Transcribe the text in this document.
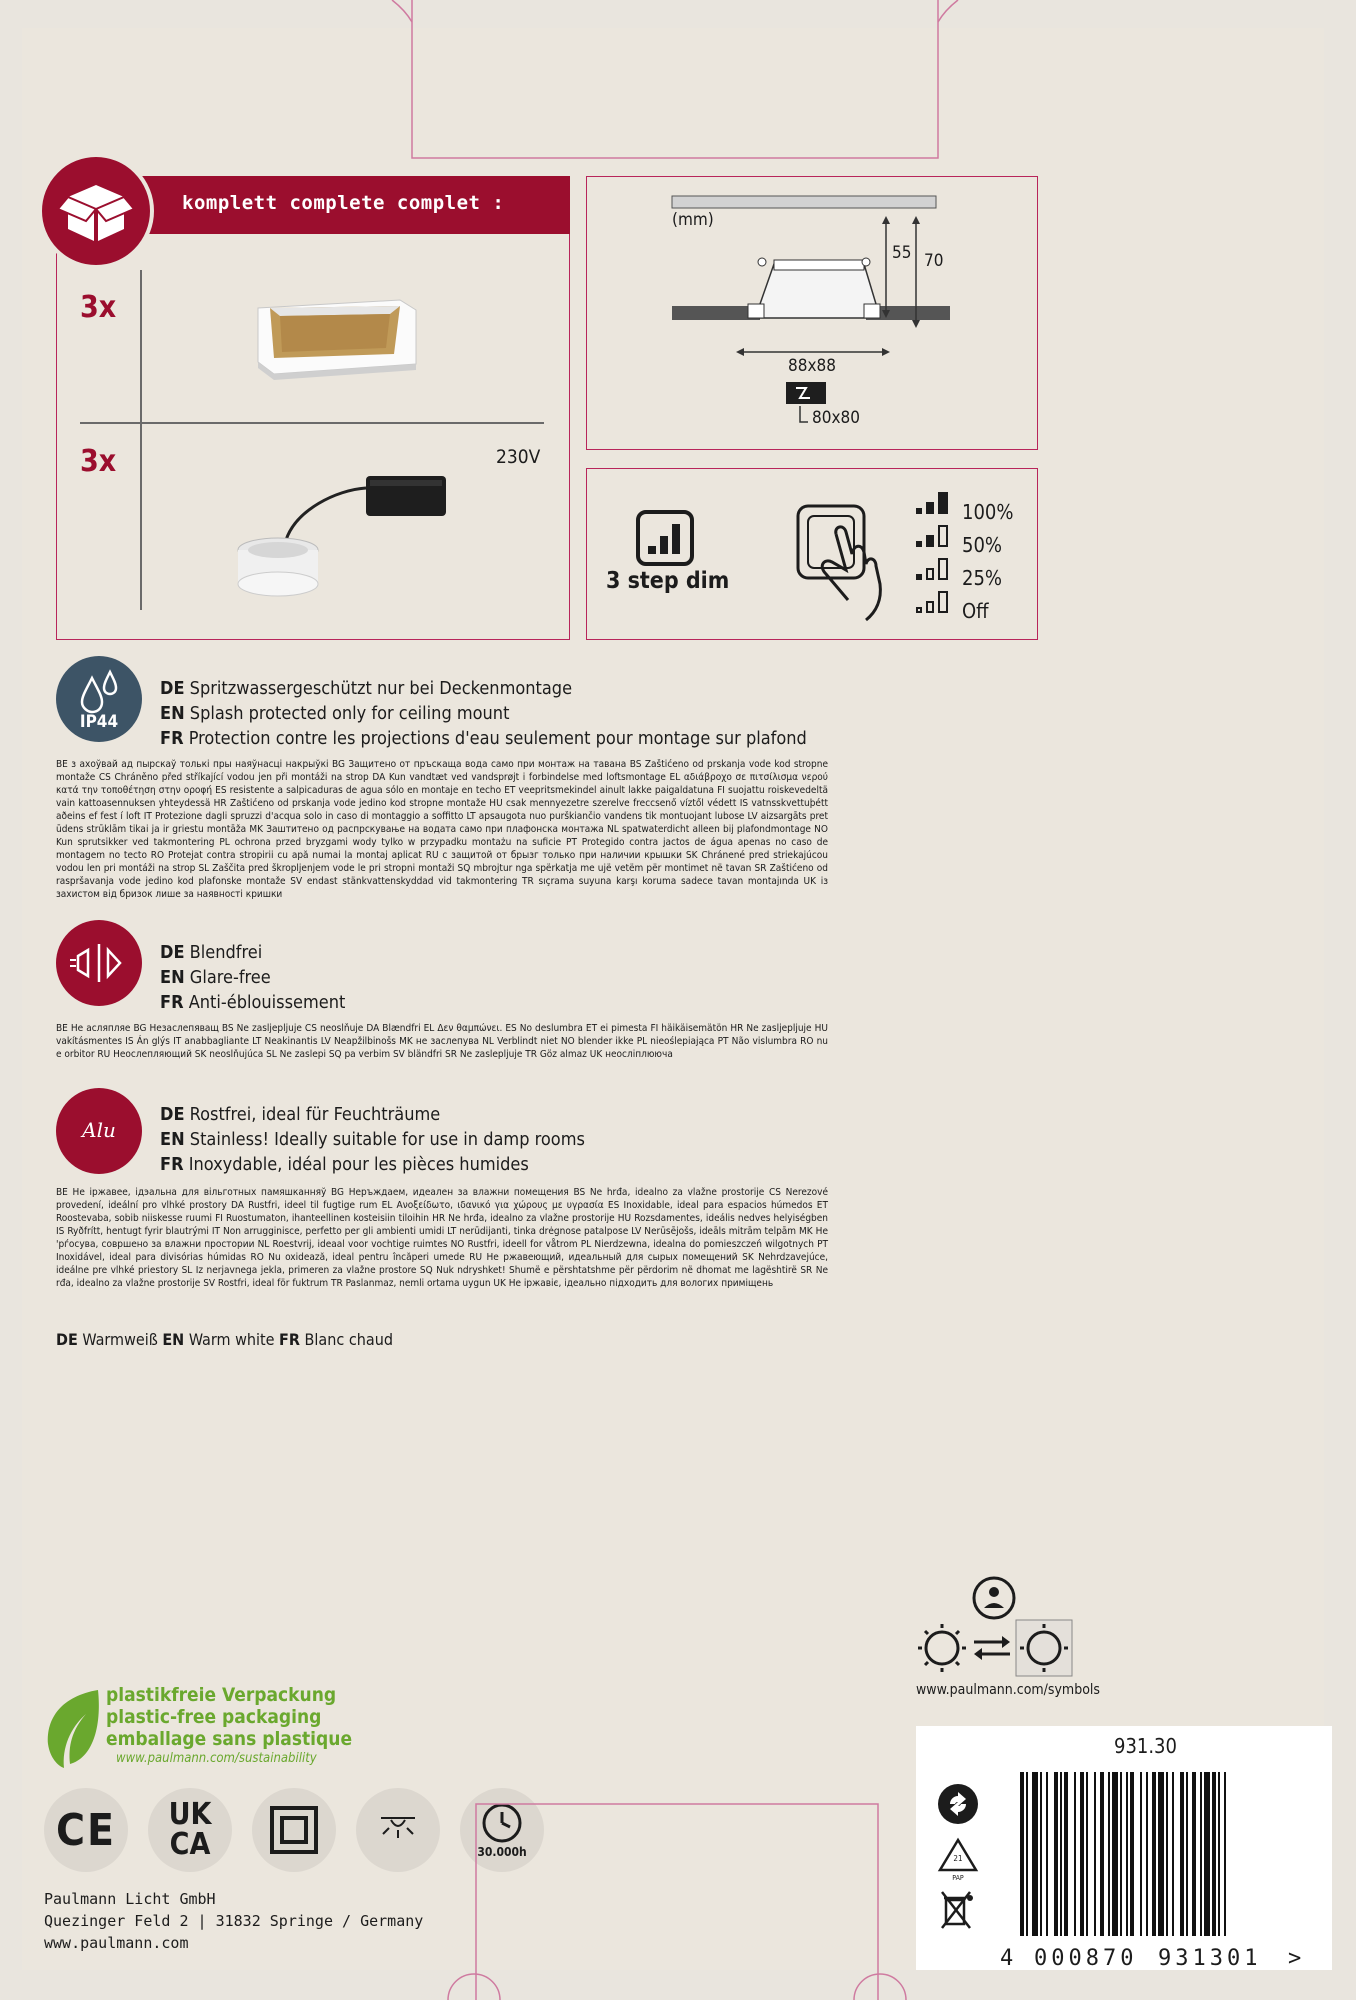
komplett complete complet :
3x
3x	230V
(mm)
55 70
88x88
80x80
3 step dim
100%
50%
25%
Off
IP44
DE Spritzwassergeschützt nur bei Deckenmontage
EN Splash protected only for ceiling mount
FR Protection contre les projections d'eau seulement pour montage sur plafond
BE з ахоўвай ад пырскаў толькі пры наяўнасці накрыўкі BG Защитено от пръскаща вода само при монтаж на тавана BS Zaštićeno od prskanja vode kod stropne montaže CS Chráněno před stříkající vodou jen při montáži na strop DA Kun vandtæt ved vandsprøjt i forbindelse med loftsmontage EL αδιάβροχο σε πιτσίλισμα νερού κατά την τοποθέτηση στην οροφή ES resistente a salpicaduras de agua sólo en montaje en techo ET veepritsmekindel ainult lakke paigaldatuna FI suojattu roiskevedeltä vain kattoasennuksen yhteydessä HR Zaštićeno od prskanja vode jedino kod stropne montaže HU csak mennyezetre szerelve freccsenő víztől védett IS vatnsskvettuþétt aðeins ef fest í loft IT Protezione dagli spruzzi d'acqua solo in caso di montaggio a soffitto LT apsaugota nuo purškiančio vandens tik montuojant lubose LV aizsargāts pret ūdens strūklām tikai ja ir griestu montāža MK Заштитено од распрскување на водата само при плафонска монтажа NL spatwaterdicht alleen bij plafondmontage NO Kun sprutsikker ved takmontering PL ochrona przed bryzgami wody tylko w przypadku montażu na suficie PT Protegido contra jactos de água apenas no caso de montagem no tecto RO Protejat contra stropirii cu apă numai la montaj aplicat RU с защитой от брызг только при наличии крышки SK Chránené pred striekajúcou vodou len pri montáži na strop SL Zaščita pred škropljenjem vode le pri stropni montaži SQ mbrojtur nga spërkatja me ujë vetëm për montimet në tavan SR Zaštićeno od raspršavanja vode jedino kod plafonske montaže SV endast stänkvattenskyddad vid takmontering TR sıçrama suyuna karşı koruma sadece tavan montajında UK із захистом від бризок лише за наявності кришки
DE Blendfrei
EN Glare-free
FR Anti-éblouissement
BE Не асляпляе BG Незаслепяващ BS Ne zasljepljuje CS neoslňuje DA Blændfri EL Δεν θαμπώνει. ES No deslumbra ET ei pimesta FI häikäisemätön HR Ne zasljepljuje HU vakításmentes IS Án glýs IT anabbagliante LT Neakinantis LV Neapžilbinošs MK не заслепува NL Verblindt niet NO blender ikke PL nieoślepiająca PT Não vislumbra RO nu e orbitor RU Неослепляющий SK neoslňujúca SL Ne zaslepi SQ pa verbim SV bländfri SR Ne zaslepljuje TR Göz almaz UK неосліплююча
Alu
DE Rostfrei, ideal für Feuchträume
EN Stainless! Ideally suitable for use in damp rooms
FR Inoxydable, idéal pour les pièces humides
BE Не іржавее, ідэальна для вільготных памяшканняў BG Неръждаем, идеален за влажни помещения BS Ne hrđa, idealno za vlažne prostorije CS Nerezové provedení, ideální pro vlhké prostory DA Rustfri, ideel til fugtige rum EL Ανοξείδωτο, ιδανικό για χώρους με υγρασία ES Inoxidable, ideal para espacios húmedos ET Roostevaba, sobib niiskesse ruumi FI Ruostumaton, ihanteellinen kosteisiin tiloihin HR Ne hrđa, idealno za vlažne prostorije HU Rozsdamentes, ideális nedves helyiségben IS Ryðfrítt, hentugt fyrir blautrými IT Non arrugginisce, perfetto per gli ambienti umidi LT nerūdijanti, tinka drėgnose patalpose LV Nerūsējošs, ideāls mitrām telpām MK Не 'рѓосува, совршено за влажни простории NL Roestvrij, ideaal voor vochtige ruimtes NO Rustfri, ideell for våtrom PL Nierdzewna, idealna do pomieszczeń wilgotnych PT Inoxidável, ideal para divisórias húmidas RO Nu oxidează, ideal pentru încăperi umede RU Не ржавеющий, идеальный для сырых помещений SK Nehrdzavejúce, ideálne pre vlhké priestory SL Iz nerjavnega jekla, primeren za vlažne prostore SQ Nuk ndryshket! Shumë e përshtatshme për përdorim në dhomat me lagështirë SR Ne rđa, idealno za vlažne prostorije SV Rostfri, ideal för fuktrum TR Paslanmaz, nemli ortama uygun UK Не іржавіє, ідеально підходить для вологих приміщень
DE Warmweiß EN Warm white FR Blanc chaud
plastikfreie Verpackung
plastic-free packaging
emballage sans plastique
www.paulmann.com/sustainability
CE UK
CA	30.000h
Paulmann Licht GmbH
Quezinger Feld 2 | 31832 Springe / Germany
www.paulmann.com
www.paulmann.com/symbols
931.30
21
PAP
4 000870 931301 >
